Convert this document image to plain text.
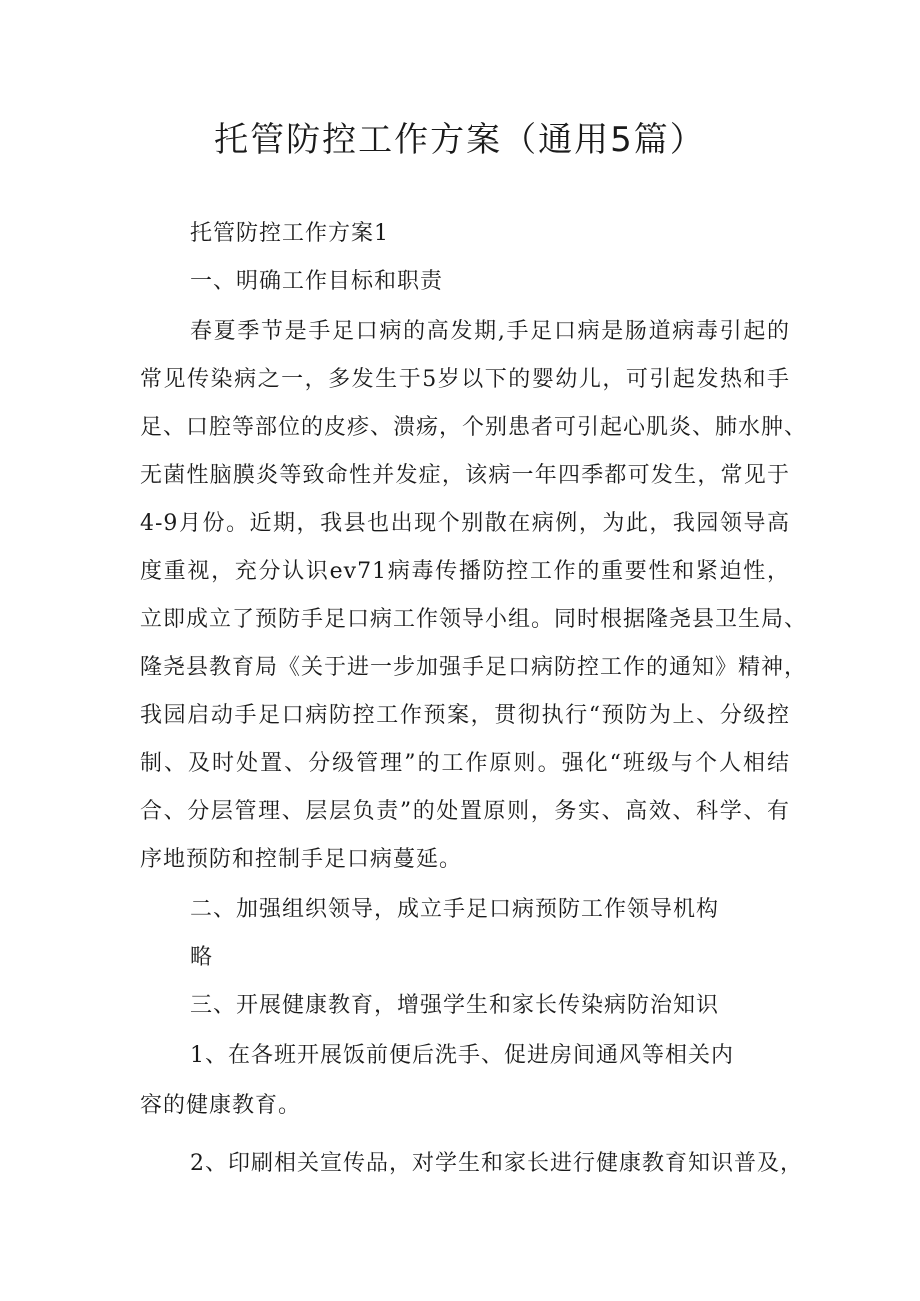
托管防控工作方案（通用5篇）

托管防控工作方案1

一、明确工作目标和职责

春夏季节是手足口病的高发期,手足口病是肠道病毒引起的

常见传染病之一，多发生于5岁以下的婴幼儿，可引起发热和手

足、口腔等部位的皮疹、溃疡，个别患者可引起心肌炎、肺水肿、

无菌性脑膜炎等致命性并发症，该病一年四季都可发生，常见于

4-9月份。近期，我县也出现个别散在病例，为此，我园领导高

度重视，充分认识ev71病毒传播防控工作的重要性和紧迫性，

立即成立了预防手足口病工作领导小组。同时根据隆尧县卫生局、

隆尧县教育局《关于进一步加强手足口病防控工作的通知》精神，

我园启动手足口病防控工作预案，贯彻执行“预防为上、分级控

制、及时处置、分级管理”的工作原则。强化“班级与个人相结

合、分层管理、层层负责”的处置原则，务实、高效、科学、有

序地预防和控制手足口病蔓延。

二、加强组织领导，成立手足口病预防工作领导机构

略

三、开展健康教育，增强学生和家长传染病防治知识

1、在各班开展饭前便后洗手、促进房间通风等相关内

容的健康教育。

2、印刷相关宣传品，对学生和家长进行健康教育知识普及，
